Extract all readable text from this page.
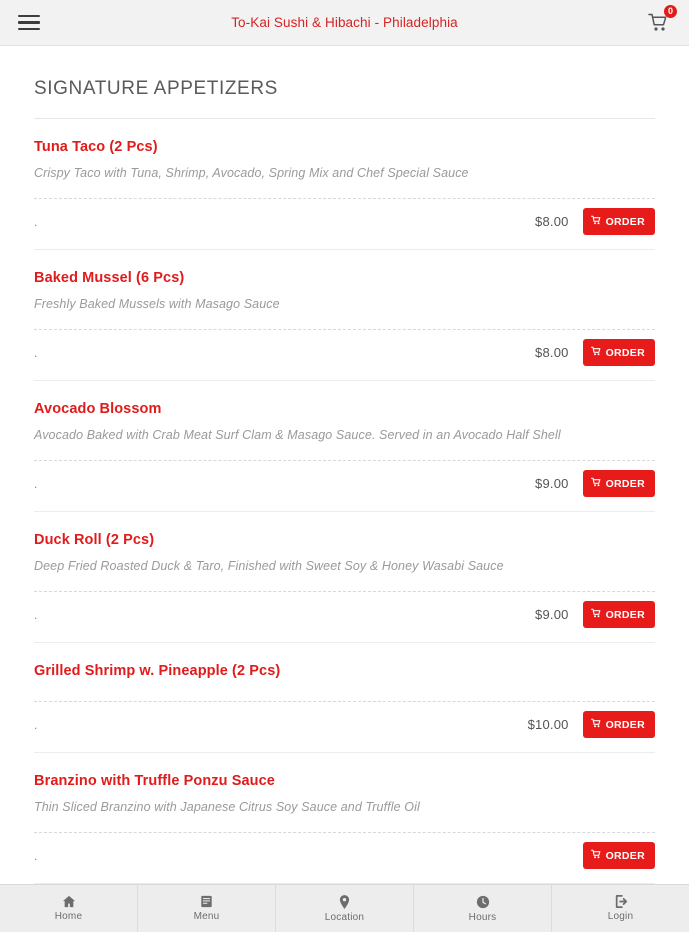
To-Kai Sushi & Hibachi - Philadelphia
0
SIGNATURE APPETIZERS
Tuna Taco (2 Pcs)
Crispy Taco with Tuna, Shrimp, Avocado, Spring Mix and Chef Special Sauce
.	$8.00	ORDER
Baked Mussel (6 Pcs)
Freshly Baked Mussels with Masago Sauce
.	$8.00	ORDER
Avocado Blossom
Avocado Baked with Crab Meat Surf Clam & Masago Sauce. Served in an Avocado Half Shell
.	$9.00	ORDER
Duck Roll (2 Pcs)
Deep Fried Roasted Duck & Taro, Finished with Sweet Soy & Honey Wasabi Sauce
.	$9.00	ORDER
Grilled Shrimp w. Pineapple (2 Pcs)
.	$10.00	ORDER
Branzino with Truffle Ponzu Sauce
Thin Sliced Branzino with Japanese Citrus Soy Sauce and Truffle Oil
.	ORDER
Home	Menu	Location	Hours	Login
